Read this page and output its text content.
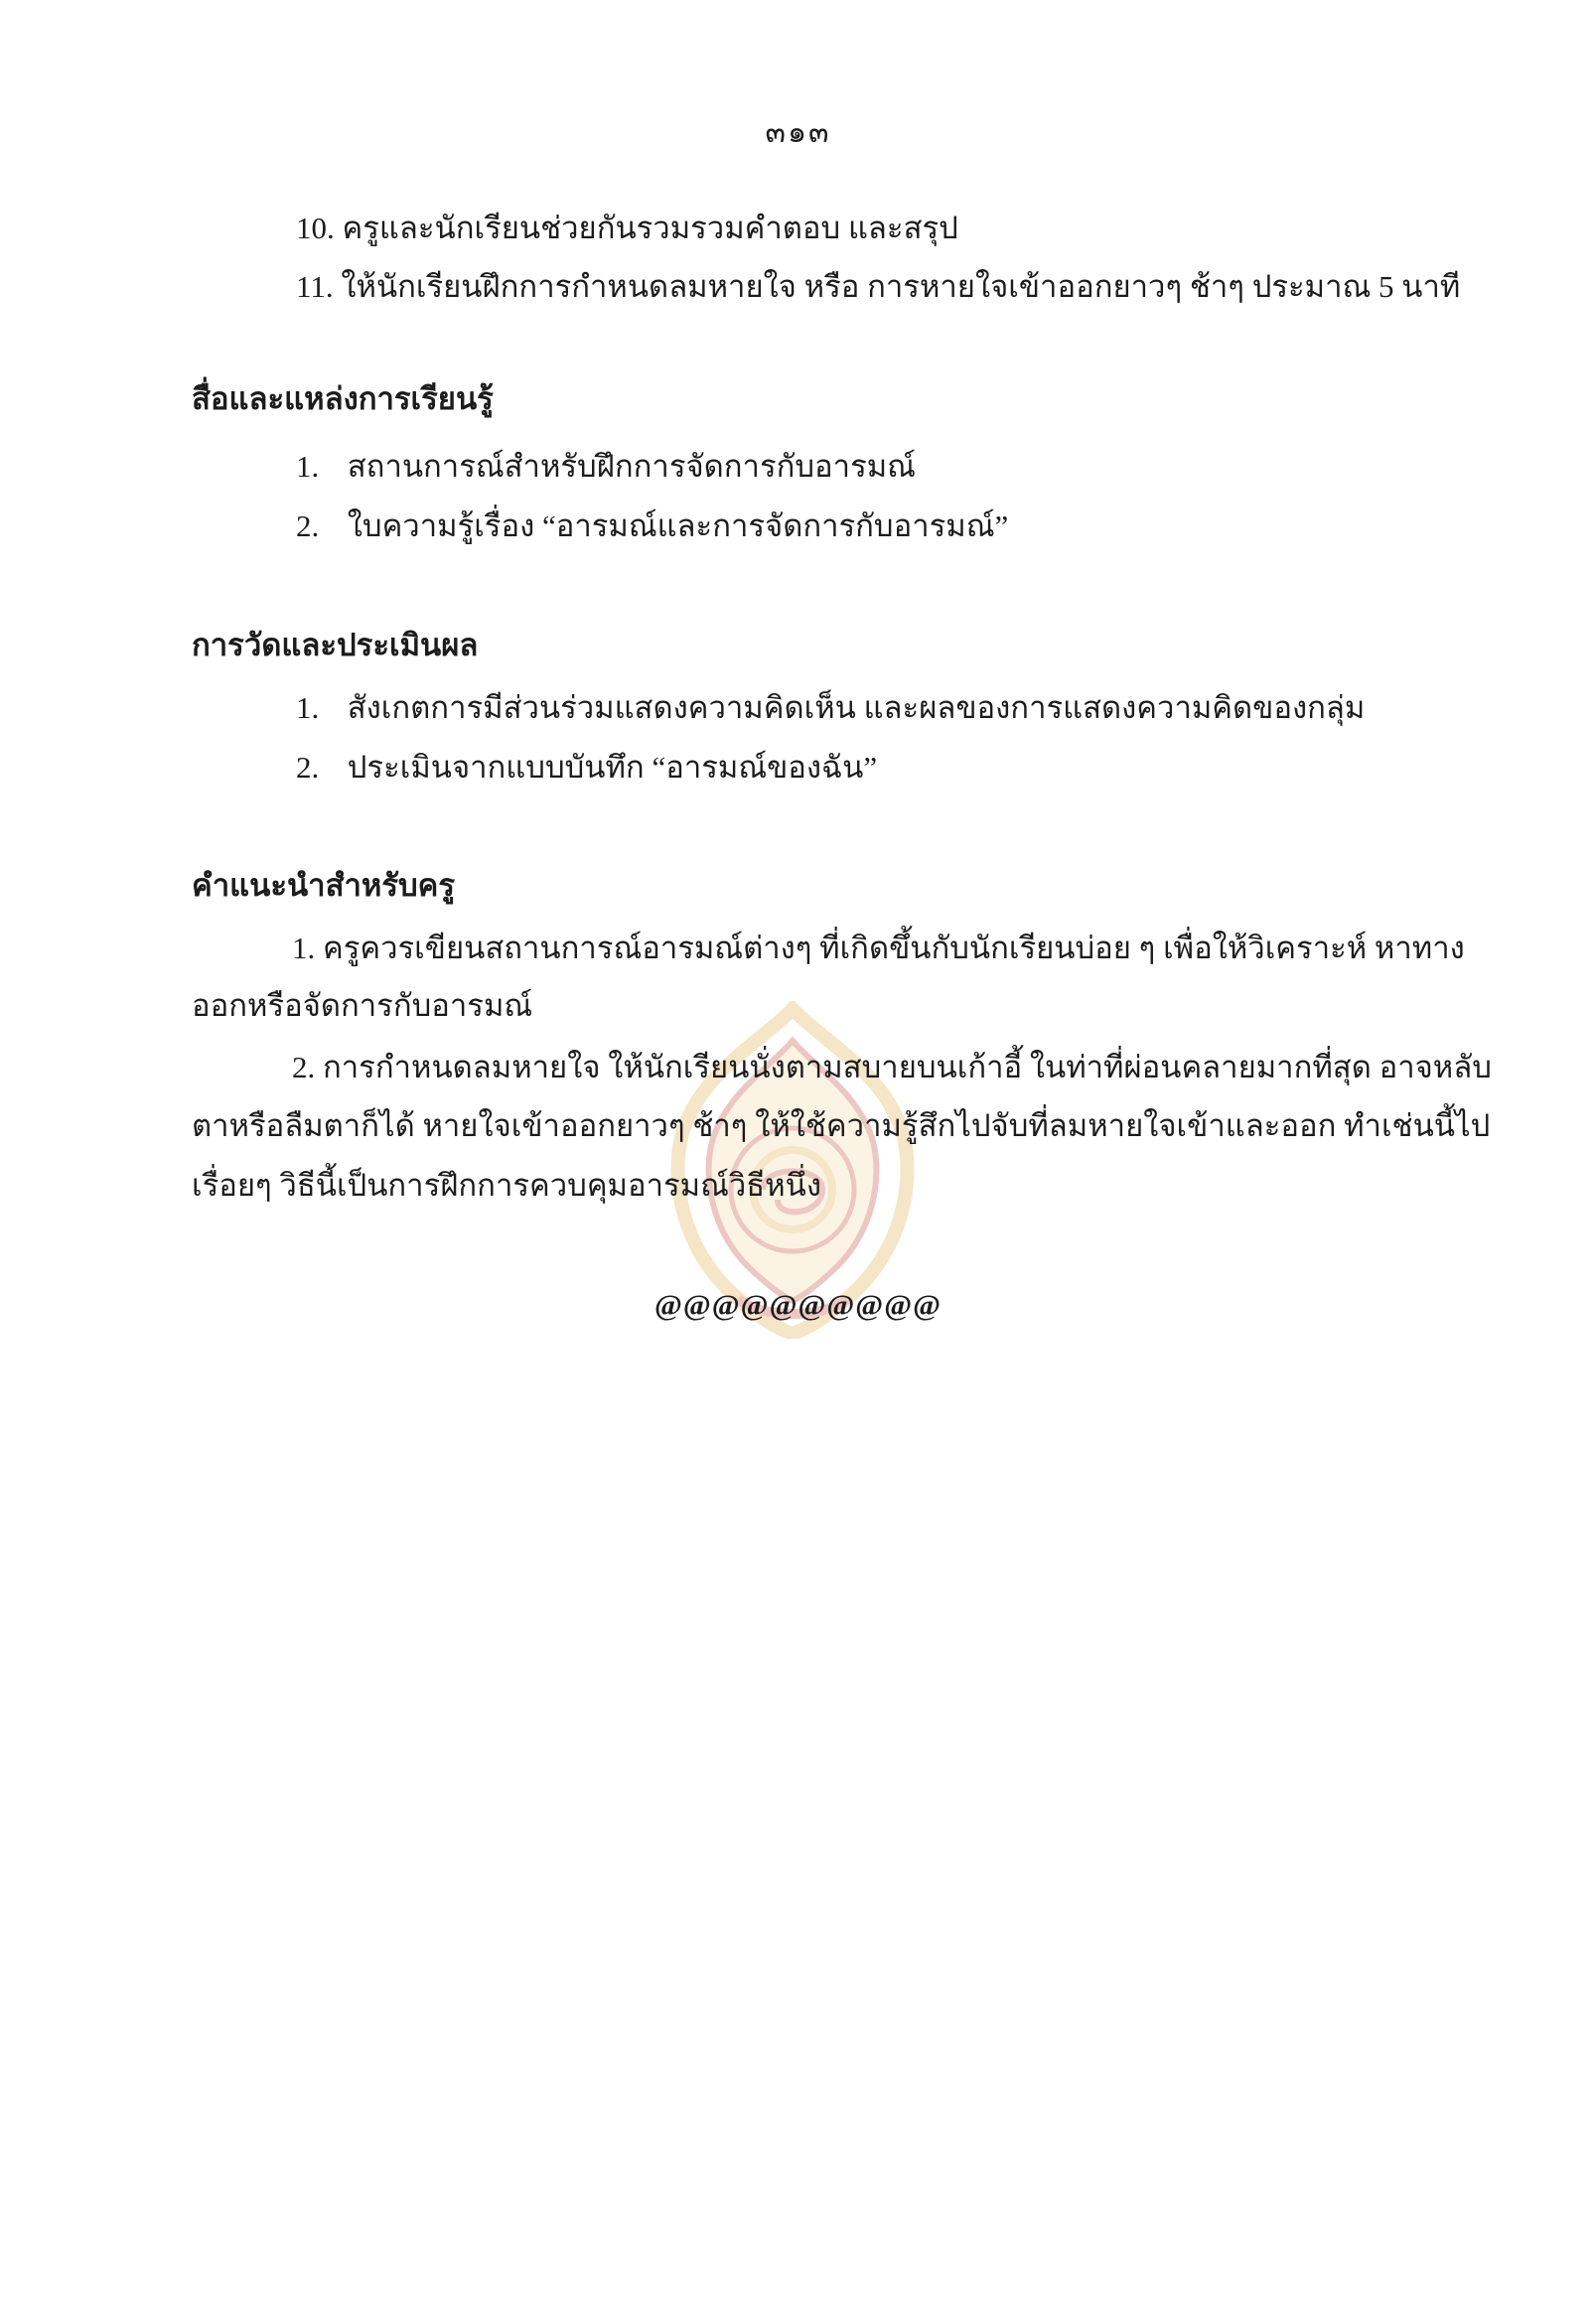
๓๑๓
10. ครูและนักเรียนช่วยกันรวมรวมคำตอบ และสรุป
11. ให้นักเรียนฝึกการกำหนดลมหายใจ หรือ การหายใจเข้าออกยาวๆ ช้าๆ ประมาณ 5 นาที
สื่อและแหล่งการเรียนรู้
1. สถานการณ์สำหรับฝึกการจัดการกับอารมณ์
2. ใบความรู้เรื่อง “อารมณ์และการจัดการกับอารมณ์”
การวัดและประเมินผล
1. สังเกตการมีส่วนร่วมแสดงความคิดเห็น และผลของการแสดงความคิดของกลุ่ม
2. ประเมินจากแบบบันทึก “อารมณ์ของฉัน”
คำแนะนำสำหรับครู
1. ครูควรเขียนสถานการณ์อารมณ์ต่างๆ ที่เกิดขึ้นกับนักเรียนบ่อย ๆ เพื่อให้วิเคราะห์ หาทาง
ออกหรือจัดการกับอารมณ์
2. การกำหนดลมหายใจ ให้นักเรียนนั่งตามสบายบนเก้าอี้ ในท่าที่ผ่อนคลายมากที่สุด อาจหลับ
ตาหรือลืมตาก็ได้ หายใจเข้าออกยาวๆ ช้าๆ ให้ใช้ความรู้สึกไปจับที่ลมหายใจเข้าและออก ทำเช่นนี้ไป
เรื่อยๆ วิธีนี้เป็นการฝึกการควบคุมอารมณ์วิธีหนึ่ง
@@@@@@@@@@
